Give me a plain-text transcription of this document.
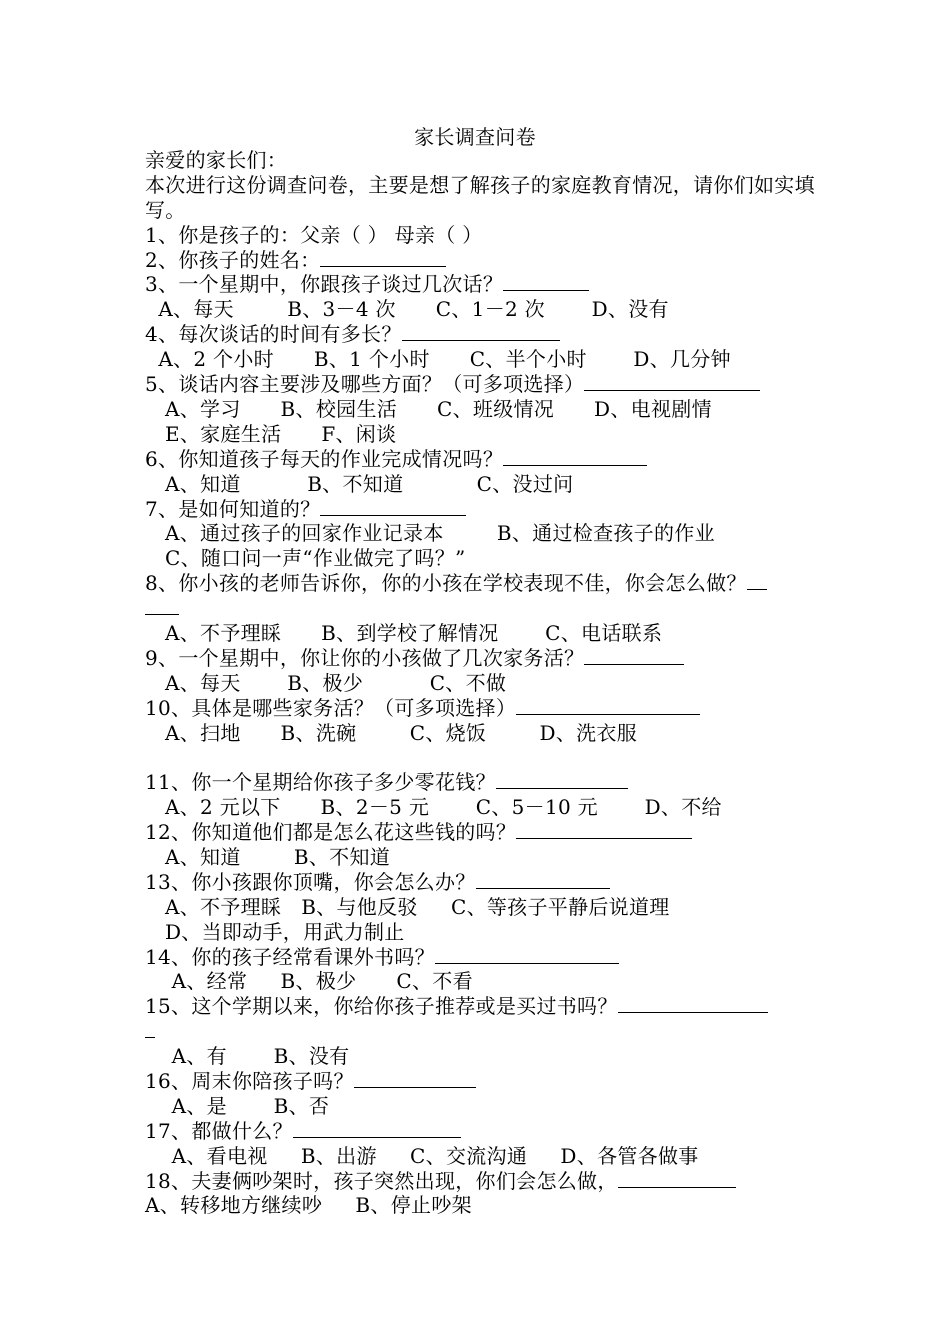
家长调查问卷
亲爱的家长们：
本次进行这份调查问卷，主要是想了解孩子的家庭教育情况，请你们如实填写。
1、你是孩子的：父亲（ ） 母亲（ ）
2、你孩子的姓名：
3、一个星期中，你跟孩子谈过几次话？
A、每天        B、3－4 次      C、1－2 次       D、没有
4、每次谈话的时间有多长？
A、2 个小时      B、1 个小时      C、半个小时       D、几分钟
5、谈话内容主要涉及哪些方面？（可多项选择）
A、学习      B、校园生活      C、班级情况      D、电视剧情
E、家庭生活      F、闲谈
6、你知道孩子每天的作业完成情况吗？
A、知道          B、不知道           C、没过问
7、是如何知道的？
A、通过孩子的回家作业记录本        B、通过检查孩子的作业
C、随口问一声“作业做完了吗？”
8、你小孩的老师告诉你，你的小孩在学校表现不佳，你会怎么做？
A、不予理睬      B、到学校了解情况       C、电话联系
9、一个星期中，你让你的小孩做了几次家务活？
A、每天       B、极少          C、不做
10、具体是哪些家务活？（可多项选择）
A、扫地      B、洗碗        C、烧饭        D、洗衣服
11、你一个星期给你孩子多少零花钱？
A、2 元以下      B、2－5 元       C、5－10 元       D、不给
12、你知道他们都是怎么花这些钱的吗？
A、知道        B、不知道
13、你小孩跟你顶嘴，你会怎么办？
A、不予理睬   B、与他反驳     C、等孩子平静后说道理
D、当即动手，用武力制止
14、你的孩子经常看课外书吗？
A、经常     B、极少      C、不看
15、这个学期以来，你给你孩子推荐或是买过书吗？
A、有       B、没有
16、周末你陪孩子吗？
A、是       B、否
17、都做什么？
A、看电视     B、出游     C、交流沟通     D、各管各做事
18、夫妻俩吵架时，孩子突然出现，你们会怎么做，
A、转移地方继续吵     B、停止吵架
